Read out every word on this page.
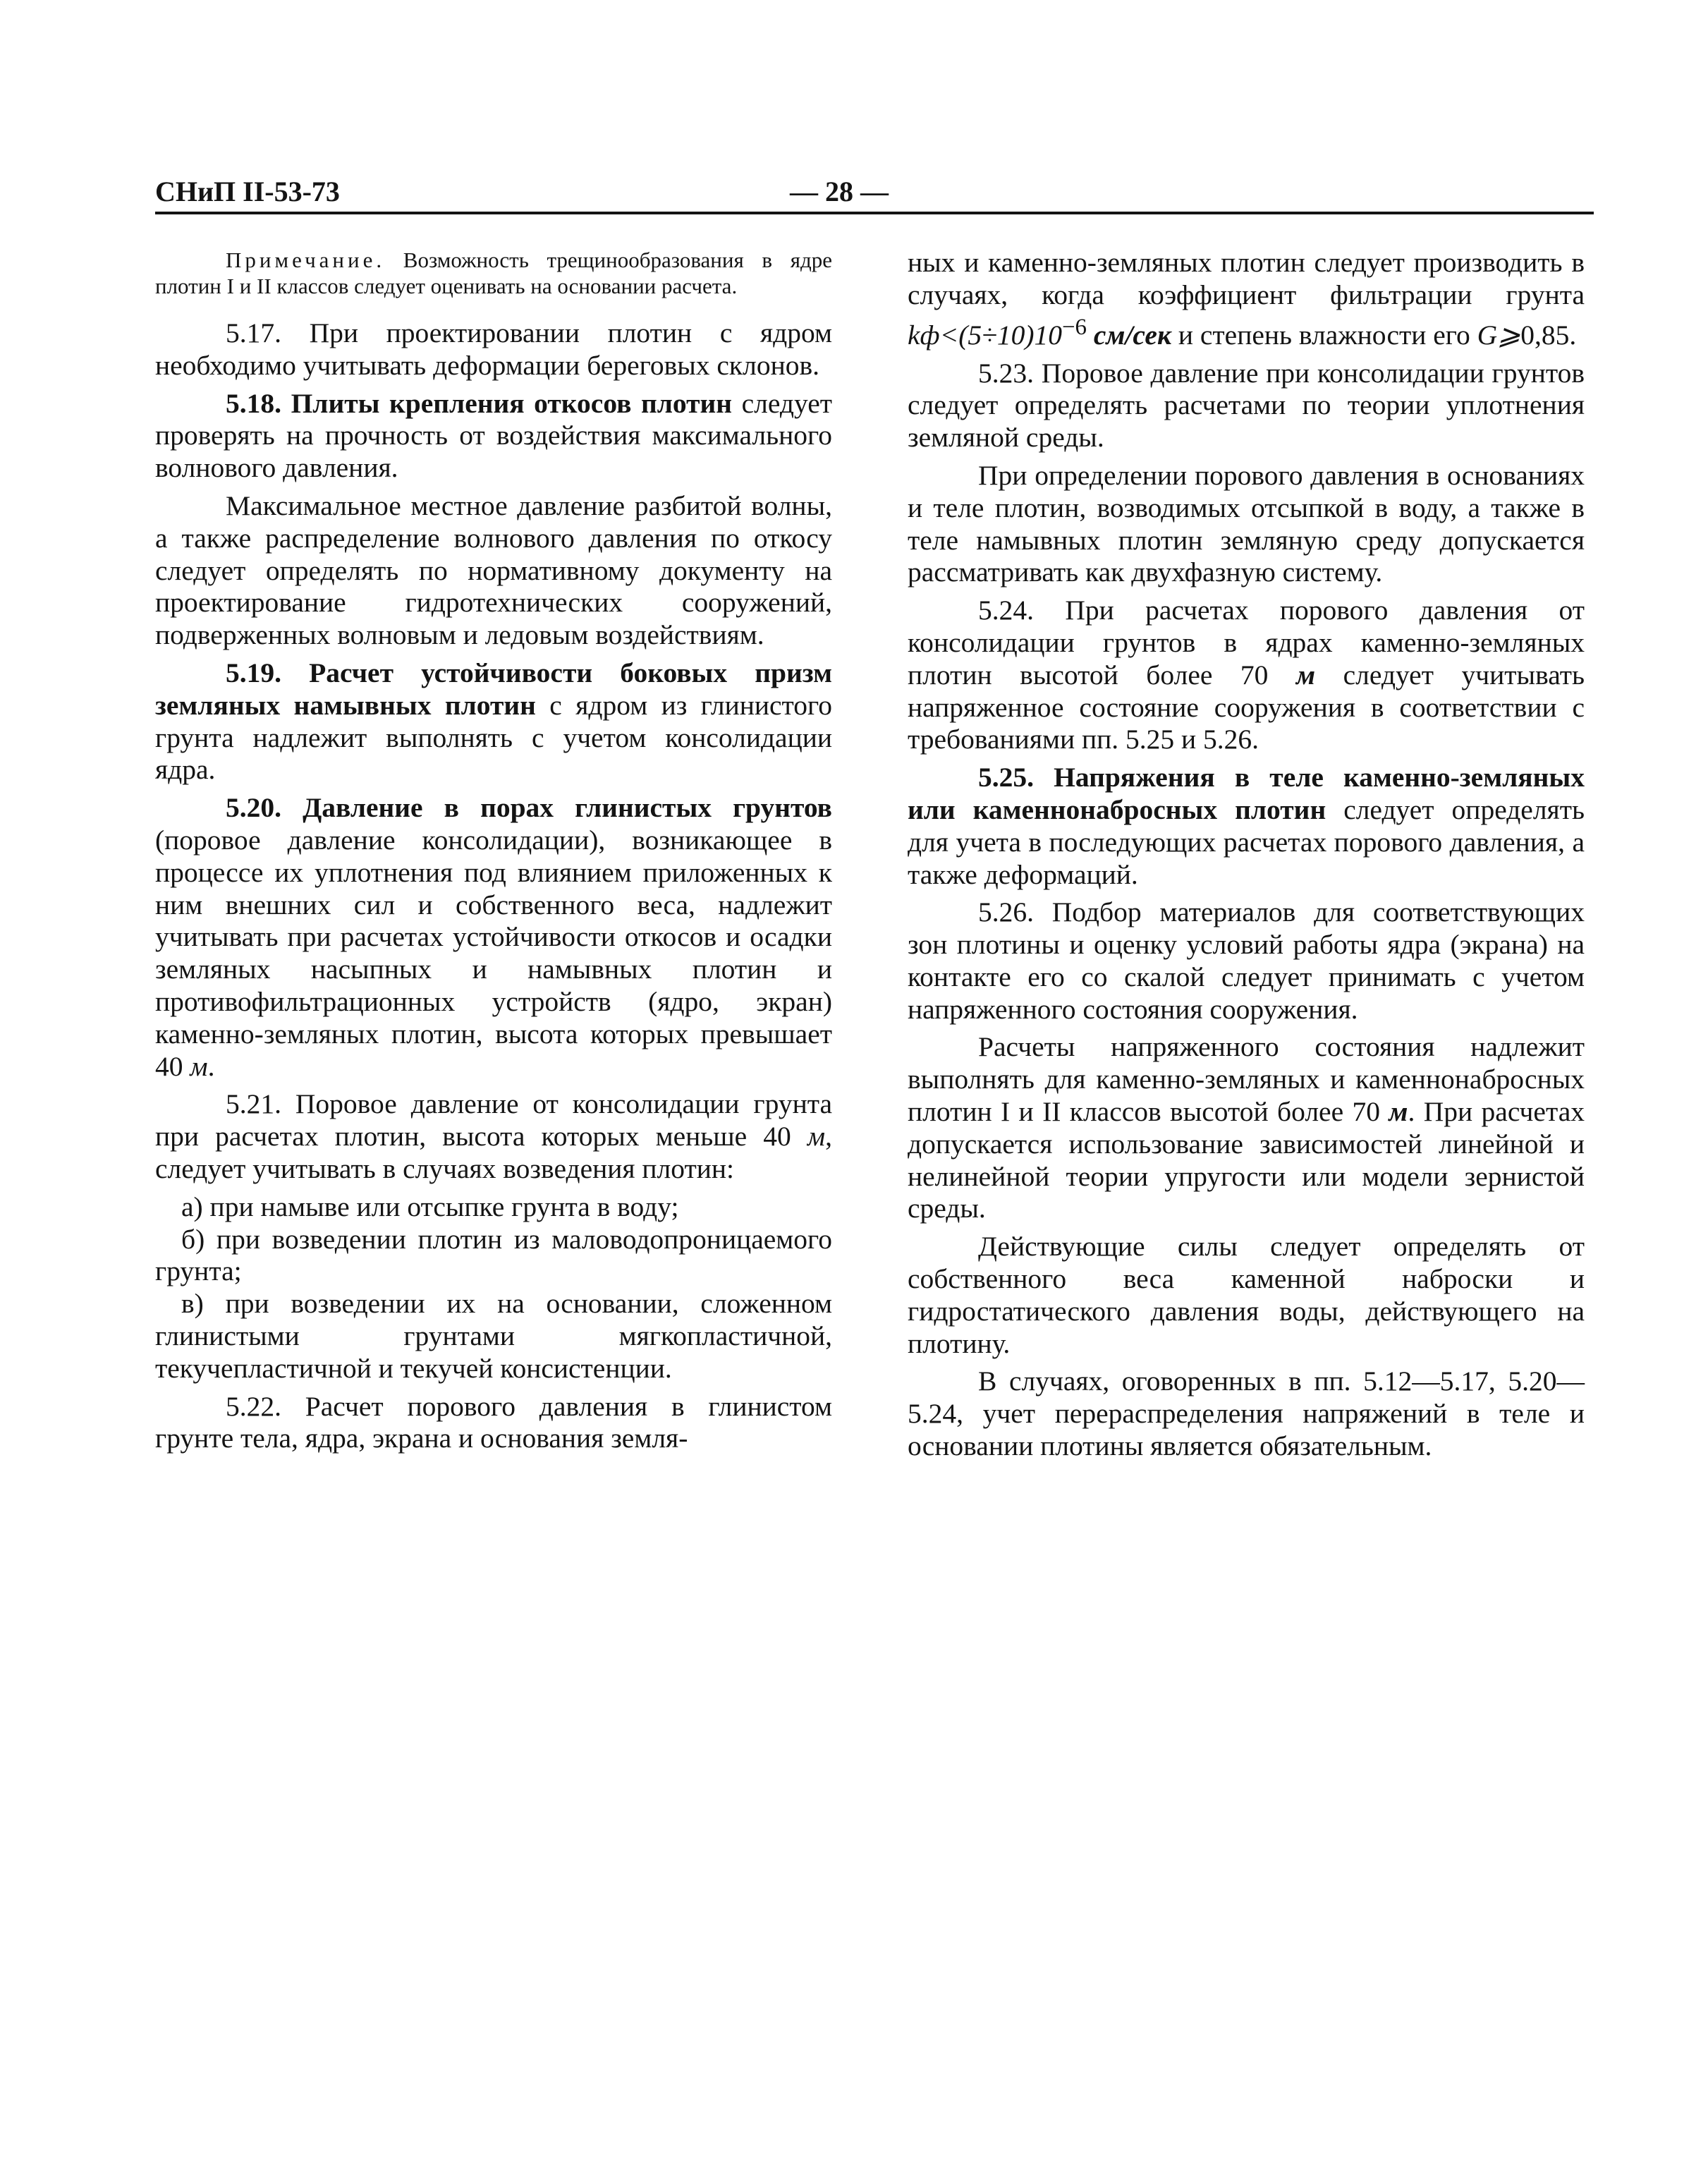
СНиП II-53-73	— 28 —

Примечание. Возможность трещинообразования в ядре плотин I и II классов следует оценивать на основании расчета.

5.17. При проектировании плотин с ядром необходимо учитывать деформации береговых склонов.

5.18. Плиты крепления откосов плотин следует проверять на прочность от воздействия максимального волнового давления.

Максимальное местное давление разбитой волны, а также распределение волнового давления по откосу следует определять по нормативному документу на проектирование гидротехнических сооружений, подверженных волновым и ледовым воздействиям.

5.19. Расчет устойчивости боковых призм земляных намывных плотин с ядром из глинистого грунта надлежит выполнять с учетом консолидации ядра.

5.20. Давление в порах глинистых грунтов (поровое давление консолидации), возникающее в процессе их уплотнения под влиянием приложенных к ним внешних сил и собственного веса, надлежит учитывать при расчетах устойчивости откосов и осадки земляных насыпных и намывных плотин и противофильтрационных устройств (ядро, экран) каменно-земляных плотин, высота которых превышает 40 м.

5.21. Поровое давление от консолидации грунта при расчетах плотин, высота которых меньше 40 м, следует учитывать в случаях возведения плотин:

а) при намыве или отсыпке грунта в воду;

б) при возведении плотин из маловодопроницаемого грунта;

в) при возведении их на основании, сложенном глинистыми грунтами мягкопластичной, текучепластичной и текучей консистенции.

5.22. Расчет порового давления в глинистом грунте тела, ядра, экрана и основания земля-

ных и каменно-земляных плотин следует производить в случаях, когда коэффициент фильтрации грунта $kф<(5\div 10)10^{-6}$ см/сек и степень влажности его G⩾0,85.

5.23. Поровое давление при консолидации грунтов следует определять расчетами по теории уплотнения земляной среды.

При определении порового давления в основаниях и теле плотин, возводимых отсыпкой в воду, а также в теле намывных плотин земляную среду допускается рассматривать как двухфазную систему.

5.24. При расчетах порового давления от консолидации грунтов в ядрах каменно-земляных плотин высотой более 70 м следует учитывать напряженное состояние сооружения в соответствии с требованиями пп. 5.25 и 5.26.

5.25. Напряжения в теле каменно-земляных или каменнонабросных плотин следует определять для учета в последующих расчетах порового давления, а также деформаций.

5.26. Подбор материалов для соответствующих зон плотины и оценку условий работы ядра (экрана) на контакте его со скалой следует принимать с учетом напряженного состояния сооружения.

Расчеты напряженного состояния надлежит выполнять для каменно-земляных и каменнонабросных плотин I и II классов высотой более 70 м. При расчетах допускается использование зависимостей линейной и нелинейной теории упругости или модели зернистой среды.

Действующие силы следует определять от собственного веса каменной наброски и гидростатического давления воды, действующего на плотину.

В случаях, оговоренных в пп. 5.12—5.17, 5.20—5.24, учет перераспределения напряжений в теле и основании плотины является обязательным.
